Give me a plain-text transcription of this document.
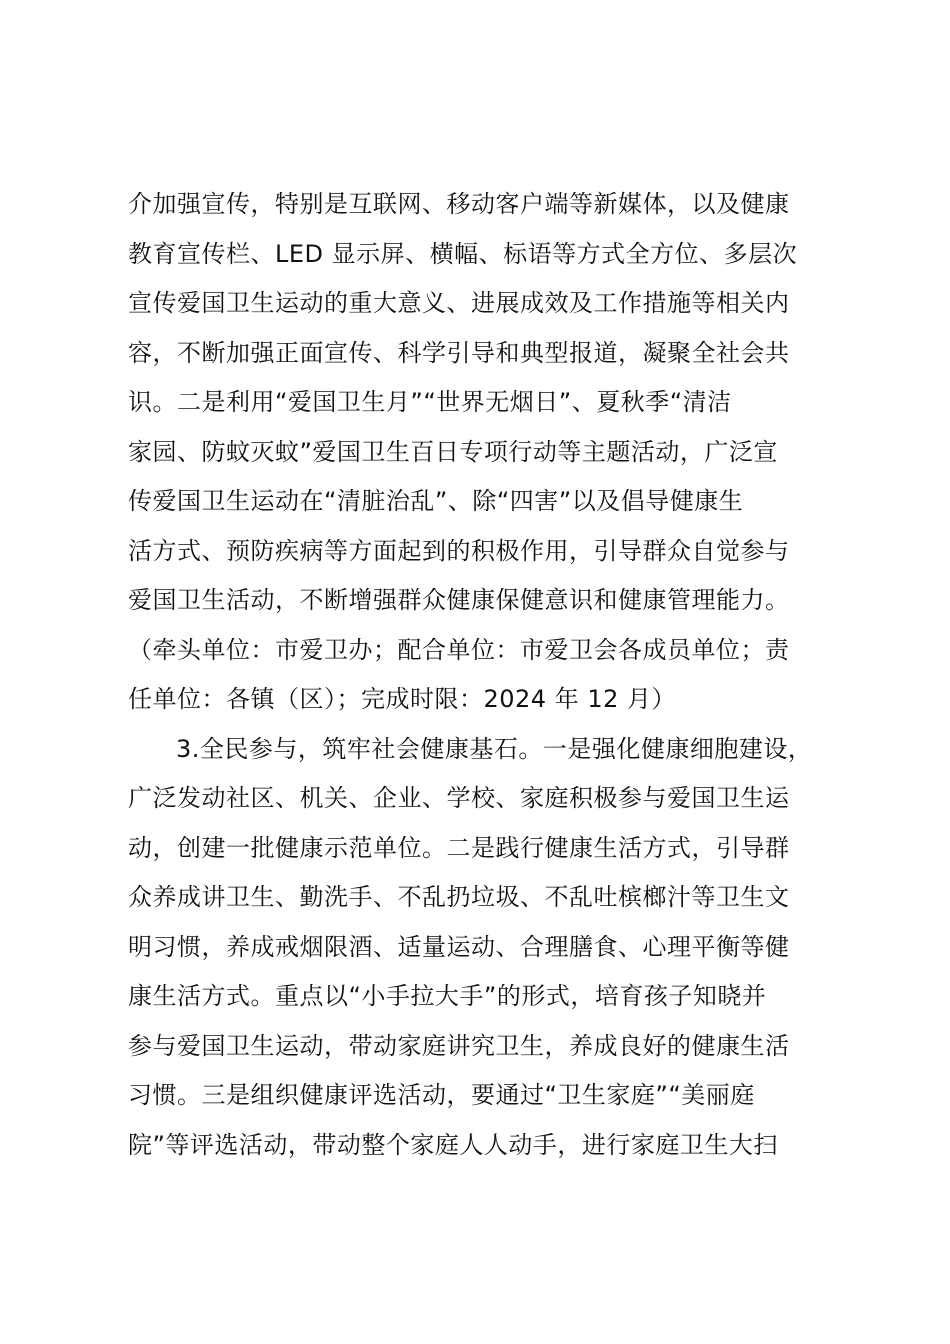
介加强宣传，特别是互联网、移动客户端等新媒体，以及健康
教育宣传栏、LED 显示屏、横幅、标语等方式全方位、多层次
宣传爱国卫生运动的重大意义、进展成效及工作措施等相关内
容，不断加强正面宣传、科学引导和典型报道，凝聚全社会共
识。二是利用“爱国卫生月”“世界无烟日”、夏秋季“清洁
家园、防蚊灭蚊”爱国卫生百日专项行动等主题活动，广泛宣
传爱国卫生运动在“清脏治乱”、除“四害”以及倡导健康生
活方式、预防疾病等方面起到的积极作用，引导群众自觉参与
爱国卫生活动，不断增强群众健康保健意识和健康管理能力。
（牵头单位：市爱卫办；配合单位：市爱卫会各成员单位；责
任单位：各镇（区）；完成时限：2024 年 12 月）
3.全民参与，筑牢社会健康基石。一是强化健康细胞建设，
广泛发动社区、机关、企业、学校、家庭积极参与爱国卫生运
动，创建一批健康示范单位。二是践行健康生活方式，引导群
众养成讲卫生、勤洗手、不乱扔垃圾、不乱吐槟榔汁等卫生文
明习惯，养成戒烟限酒、适量运动、合理膳食、心理平衡等健
康生活方式。重点以“小手拉大手”的形式，培育孩子知晓并
参与爱国卫生运动，带动家庭讲究卫生，养成良好的健康生活
习惯。三是组织健康评选活动，要通过“卫生家庭”“美丽庭
院”等评选活动，带动整个家庭人人动手，进行家庭卫生大扫
